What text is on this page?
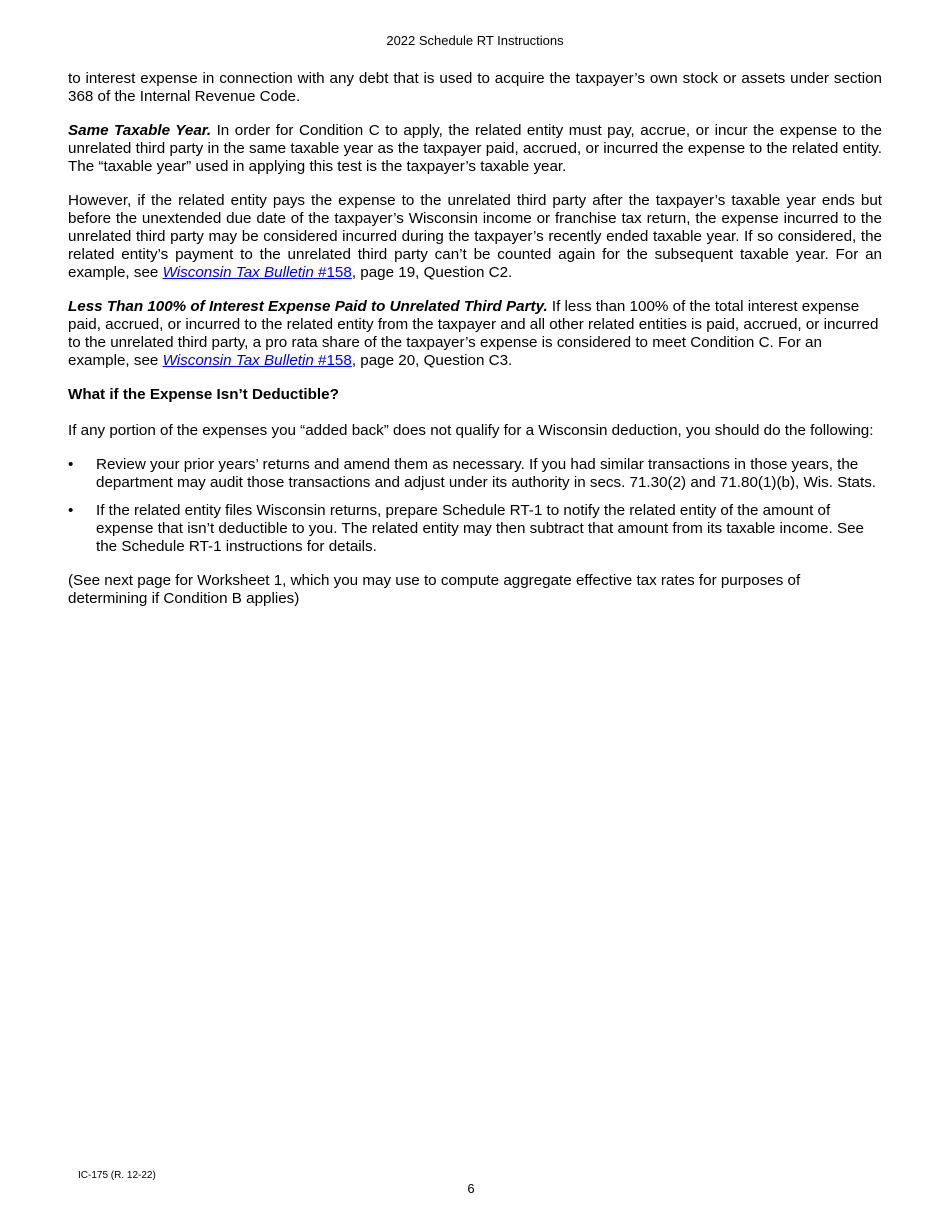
2022 Schedule RT Instructions

to interest expense in connection with any debt that is used to acquire the taxpayer’s own stock or assets under section 368 of the Internal Revenue Code.

Same Taxable Year. In order for Condition C to apply, the related entity must pay, accrue, or incur the expense to the unrelated third party in the same taxable year as the taxpayer paid, accrued, or incurred the expense to the related entity. The “taxable year” used in applying this test is the taxpayer’s taxable year.

However, if the related entity pays the expense to the unrelated third party after the taxpayer’s taxable year ends but before the unextended due date of the taxpayer’s Wisconsin income or franchise tax return, the expense incurred to the unrelated third party may be considered incurred during the taxpayer’s recently ended taxable year. If so considered, the related entity’s payment to the unrelated third party can’t be counted again for the subsequent taxable year. For an example, see Wisconsin Tax Bulletin #158, page 19, Question C2.

Less Than 100% of Interest Expense Paid to Unrelated Third Party. If less than 100% of the total interest expense paid, accrued, or incurred to the related entity from the taxpayer and all other related entities is paid, accrued, or incurred to the unrelated third party, a pro rata share of the taxpayer’s expense is considered to meet Condition C. For an example, see Wisconsin Tax Bulletin #158, page 20, Question C3.

What if the Expense Isn’t Deductible?

If any portion of the expenses you “added back” does not qualify for a Wisconsin deduction, you should do the following:

• Review your prior years’ returns and amend them as necessary. If you had similar transactions in those years, the department may audit those transactions and adjust under its authority in secs. 71.30(2) and 71.80(1)(b), Wis. Stats.
• If the related entity files Wisconsin returns, prepare Schedule RT-1 to notify the related entity of the amount of expense that isn’t deductible to you. The related entity may then subtract that amount from its taxable income. See the Schedule RT-1 instructions for details.

(See next page for Worksheet 1, which you may use to compute aggregate effective tax rates for purposes of determining if Condition B applies)

IC-175 (R. 12-22)
6
